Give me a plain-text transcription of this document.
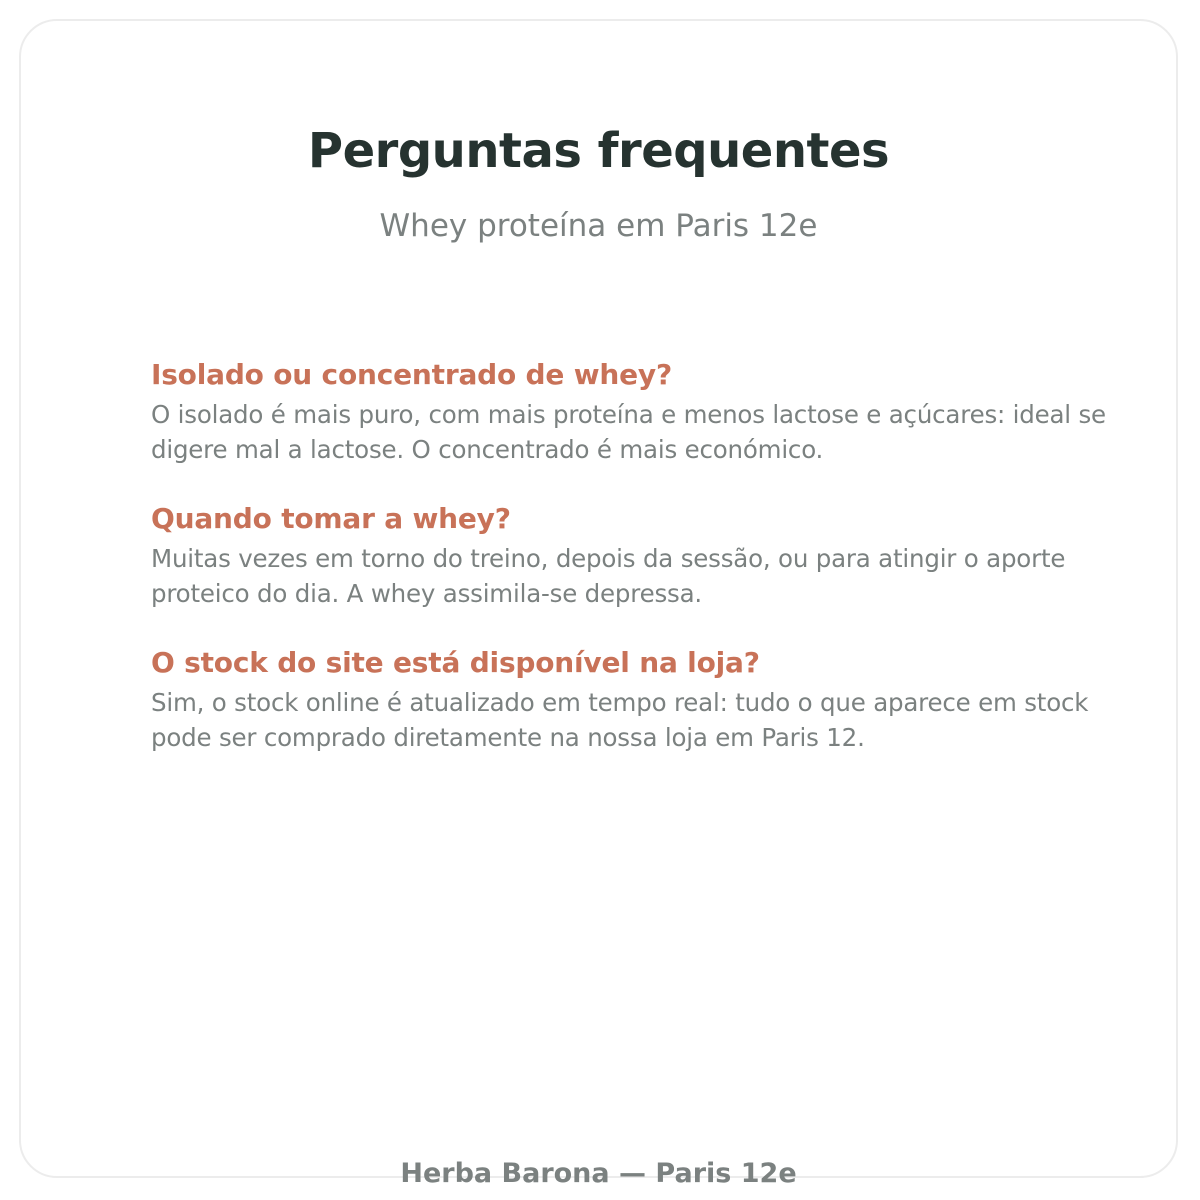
Perguntas frequentes

Whey proteína em Paris 12e

Isolado ou concentrado de whey?

O isolado é mais puro, com mais proteína e menos lactose e açúcares: ideal se digere mal a lactose. O concentrado é mais económico.

Quando tomar a whey?

Muitas vezes em torno do treino, depois da sessão, ou para atingir o aporte proteico do dia. A whey assimila-se depressa.

O stock do site está disponível na loja?

Sim, o stock online é atualizado em tempo real: tudo o que aparece em stock pode ser comprado diretamente na nossa loja em Paris 12.

Herba Barona — Paris 12e
